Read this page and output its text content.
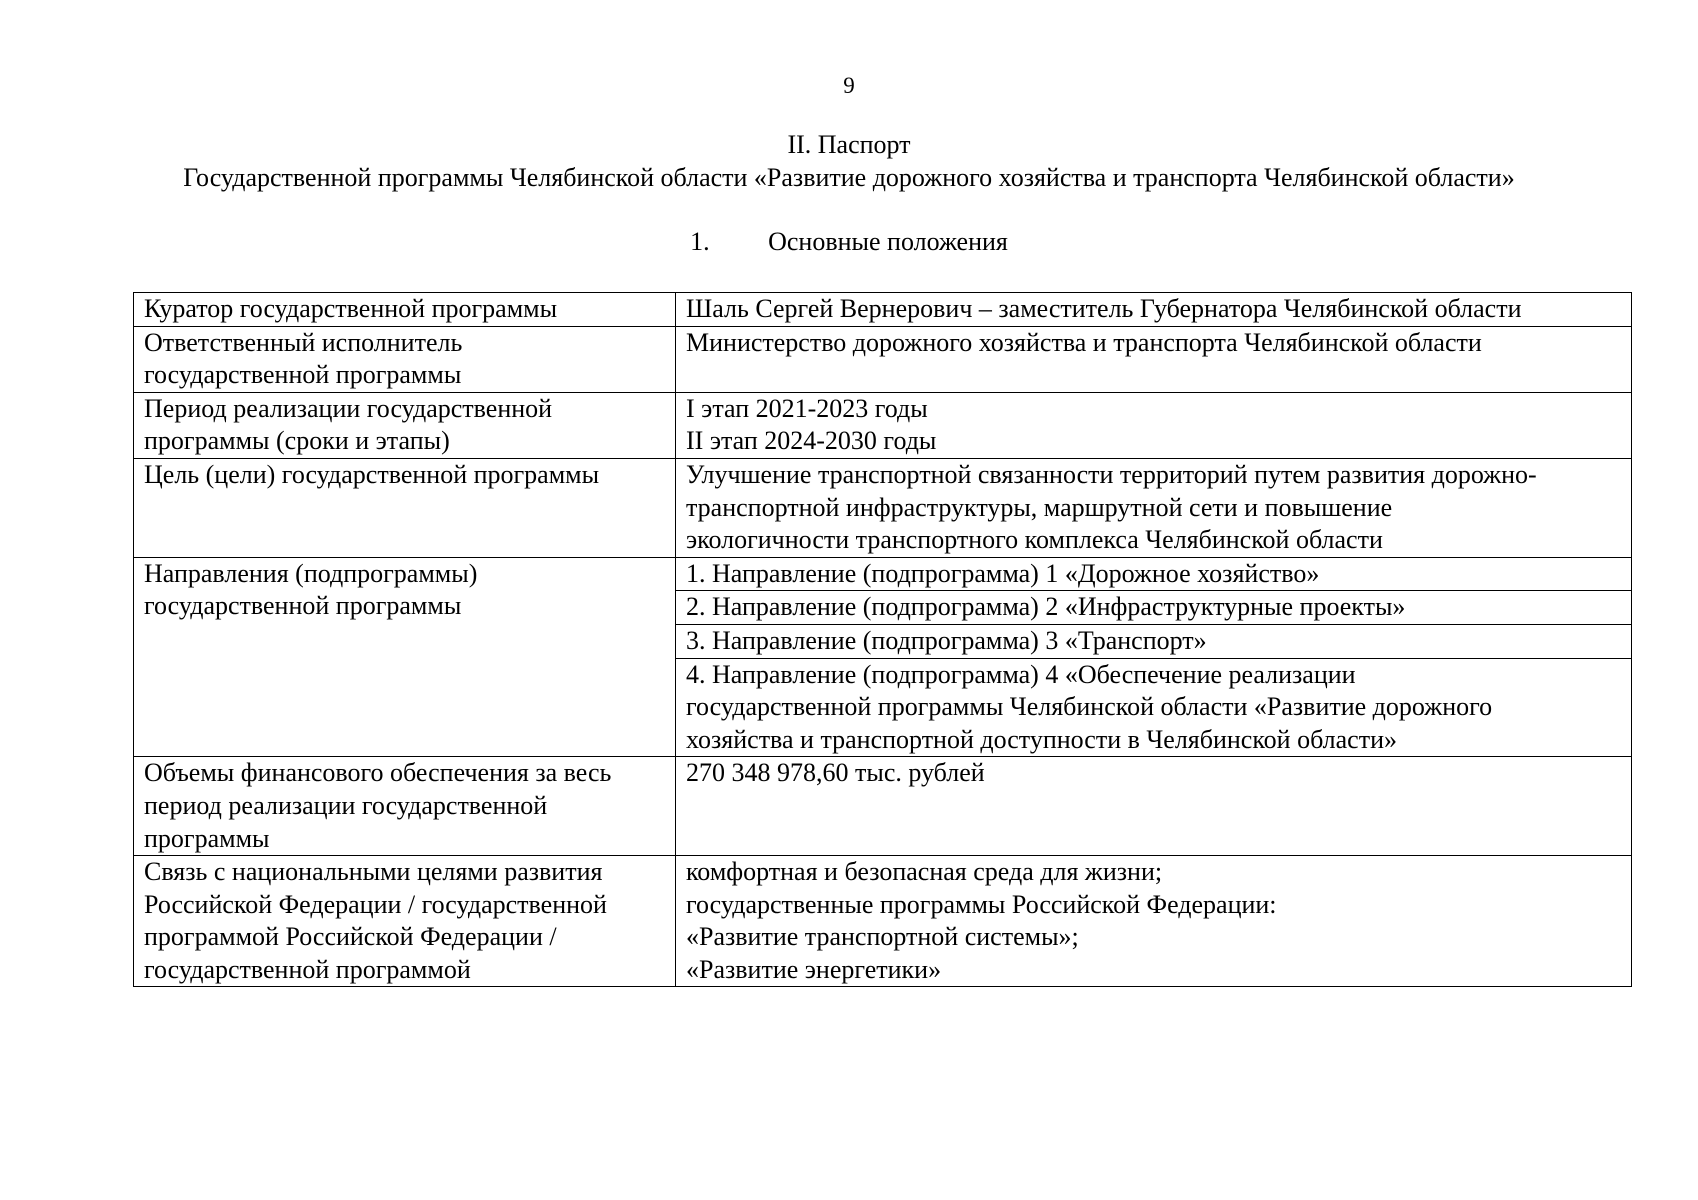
9
II. Паспорт
Государственной программы Челябинской области «Развитие дорожного хозяйства и транспорта Челябинской области»
1. Основные положения
Куратор государственной программы	Шаль Сергей Вернерович – заместитель Губернатора Челябинской области
Ответственный исполнитель
государственной программы	Министерство дорожного хозяйства и транспорта Челябинской области
Период реализации государственной
программы (сроки и этапы)	I этап 2021-2023 годы
II этап 2024-2030 годы
Цель (цели) государственной программы	Улучшение транспортной связанности территорий путем развития дорожно-
транспортной инфраструктуры, маршрутной сети и повышение
экологичности транспортного комплекса Челябинской области
Направления (подпрограммы)
государственной программы	1. Направление (подпрограмма) 1 «Дорожное хозяйство»
	2. Направление (подпрограмма) 2 «Инфраструктурные проекты»
	3. Направление (подпрограмма) 3 «Транспорт»
	4. Направление (подпрограмма) 4 «Обеспечение реализации
государственной программы Челябинской области «Развитие дорожного
хозяйства и транспортной доступности в Челябинской области»
Объемы финансового обеспечения за весь
период реализации государственной
программы	270 348 978,60 тыс. рублей
Связь с национальными целями развития
Российской Федерации / государственной
программой Российской Федерации /
государственной программой	комфортная и безопасная среда для жизни;
государственные программы Российской Федерации:
«Развитие транспортной системы»;
«Развитие энергетики»
